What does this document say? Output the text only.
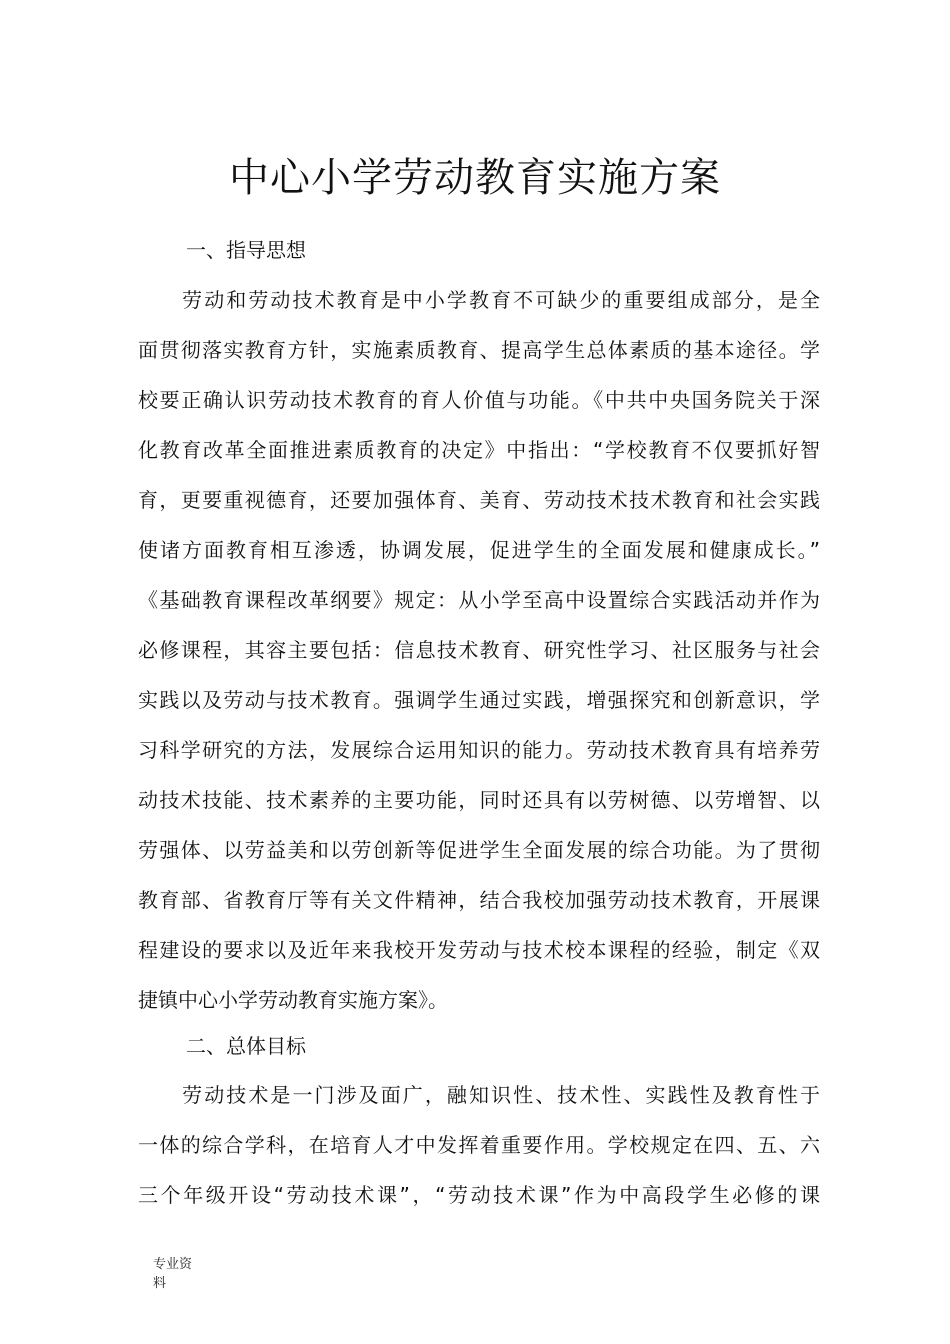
中心小学劳动教育实施方案
一、指导思想
　　劳动和劳动技术教育是中小学教育不可缺少的重要组成部分，是全
面贯彻落实教育方针，实施素质教育、提高学生总体素质的基本途径。学
校要正确认识劳动技术教育的育人价值与功能。《中共中央国务院关于深
化教育改革全面推进素质教育的决定》中指出：“学校教育不仅要抓好智
育，更要重视德育，还要加强体育、美育、劳动技术技术教育和社会实践
使诸方面教育相互渗透，协调发展，促进学生的全面发展和健康成长。”
《基础教育课程改革纲要》规定：从小学至高中设置综合实践活动并作为
必修课程，其容主要包括：信息技术教育、研究性学习、社区服务与社会
实践以及劳动与技术教育。强调学生通过实践，增强探究和创新意识，学
习科学研究的方法，发展综合运用知识的能力。劳动技术教育具有培养劳
动技术技能、技术素养的主要功能，同时还具有以劳树德、以劳增智、以
劳强体、以劳益美和以劳创新等促进学生全面发展的综合功能。为了贯彻
教育部、省教育厅等有关文件精神，结合我校加强劳动技术教育，开展课
程建设的要求以及近年来我校开发劳动与技术校本课程的经验，制定《双
捷镇中心小学劳动教育实施方案》。
二、总体目标
　　劳动技术是一门涉及面广，融知识性、技术性、实践性及教育性于
一体的综合学科，在培育人才中发挥着重要作用。学校规定在四、五、六
三个年级开设“劳动技术课”，“劳动技术课”作为中高段学生必修的课
专业资
料
